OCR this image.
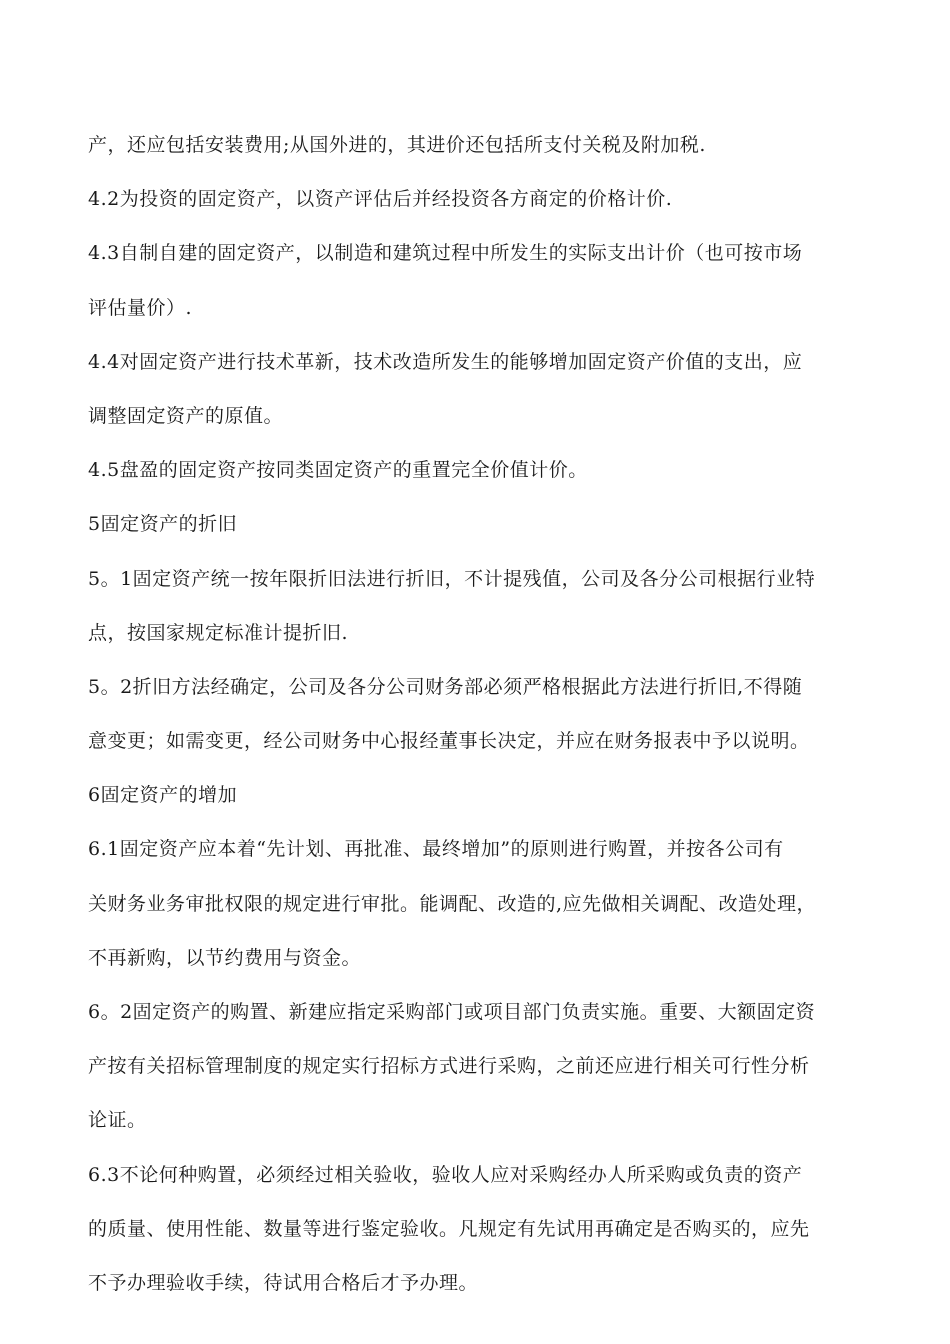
产，还应包括安装费用;从国外进的，其进价还包括所支付关税及附加税.
4.2为投资的固定资产，以资产评估后并经投资各方商定的价格计价.
4.3自制自建的固定资产，以制造和建筑过程中所发生的实际支出计价（也可按市场
评估量价）.
4.4对固定资产进行技术革新，技术改造所发生的能够增加固定资产价值的支出，应
调整固定资产的原值。
4.5盘盈的固定资产按同类固定资产的重置完全价值计价。
5固定资产的折旧
5。1固定资产统一按年限折旧法进行折旧，不计提残值，公司及各分公司根据行业特
点，按国家规定标准计提折旧.
5。2折旧方法经确定，公司及各分公司财务部必须严格根据此方法进行折旧,不得随
意变更；如需变更，经公司财务中心报经董事长决定，并应在财务报表中予以说明。
6固定资产的增加
6.1固定资产应本着“先计划、再批准、最终增加”的原则进行购置，并按各公司有
关财务业务审批权限的规定进行审批。能调配、改造的,应先做相关调配、改造处理，
不再新购，以节约费用与资金。
6。2固定资产的购置、新建应指定采购部门或项目部门负责实施。重要、大额固定资
产按有关招标管理制度的规定实行招标方式进行采购，之前还应进行相关可行性分析
论证。
6.3不论何种购置，必须经过相关验收，验收人应对采购经办人所采购或负责的资产
的质量、使用性能、数量等进行鉴定验收。凡规定有先试用再确定是否购买的，应先
不予办理验收手续，待试用合格后才予办理。
